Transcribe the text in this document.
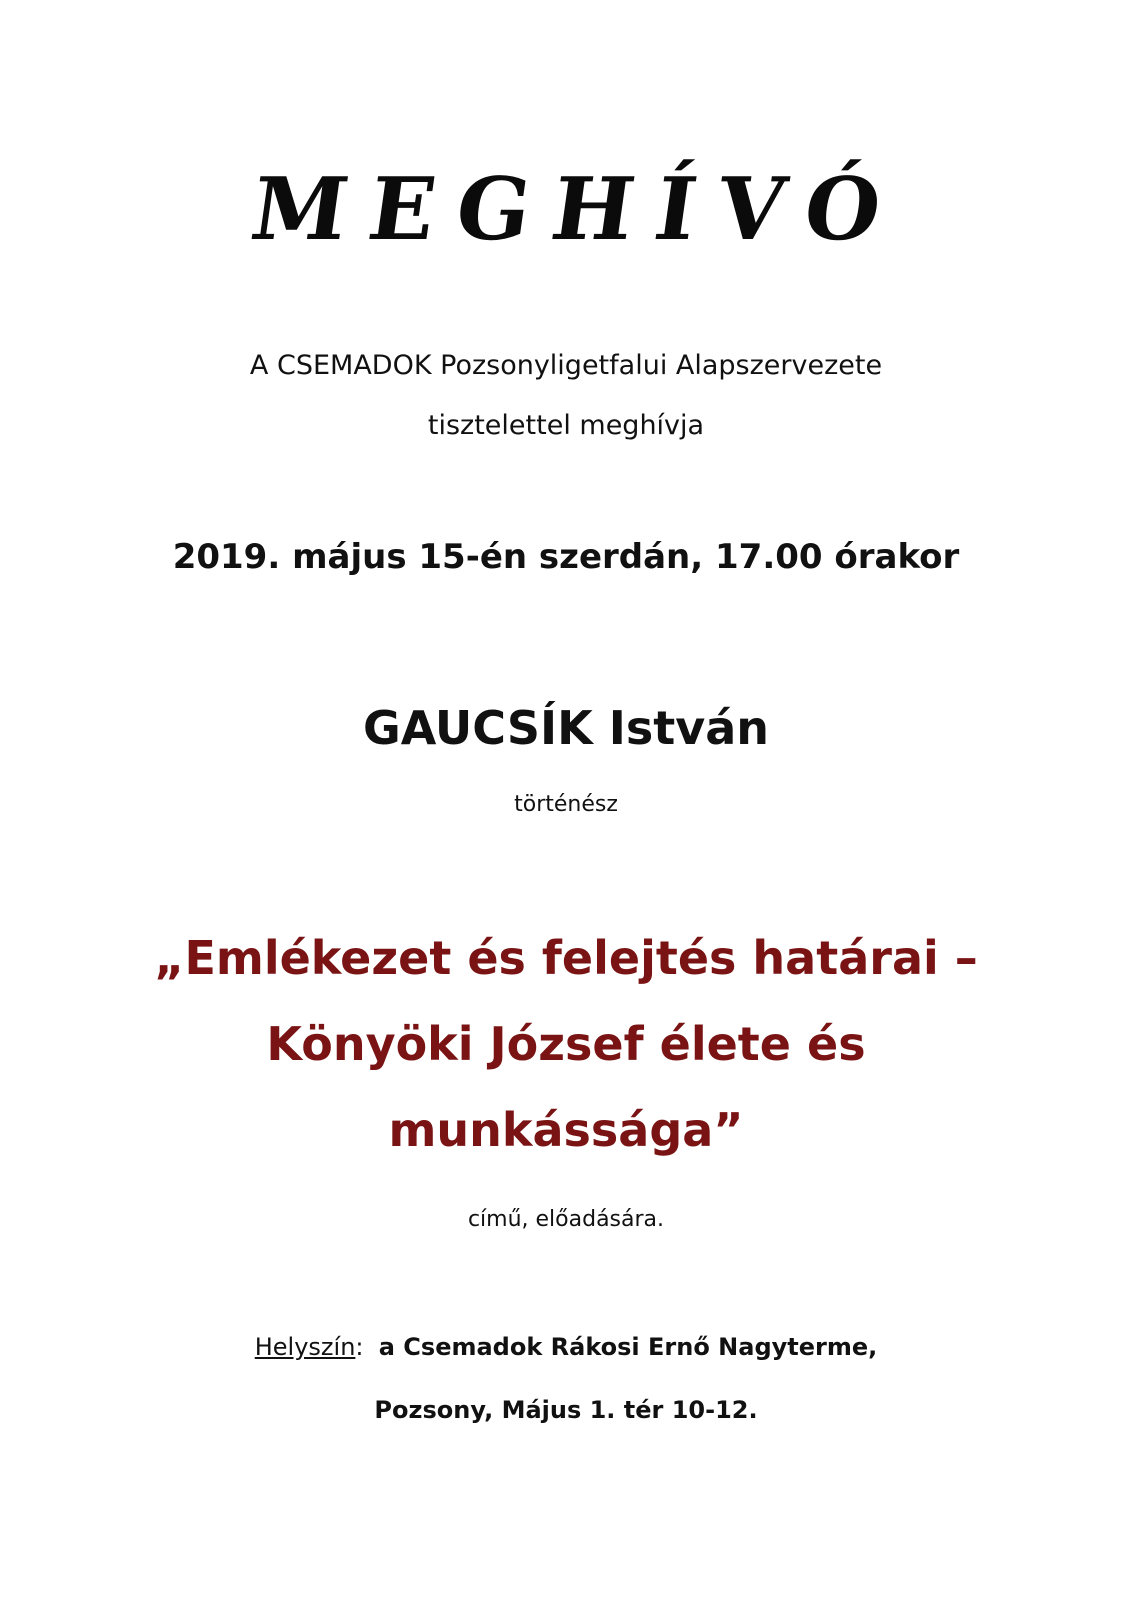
MEGHÍVÓ
A CSEMADOK Pozsonyligetfalui Alapszervezete
tisztelettel meghívja
2019. május 15-én szerdán, 17.00 órakor
GAUCSÍK István
történész
„Emlékezet és felejtés határai –
Könyöki József élete és
munkássága”
című, előadására.
Helyszín:  a Csemadok Rákosi Ernő Nagyterme,
Pozsony, Május 1. tér 10-12.
